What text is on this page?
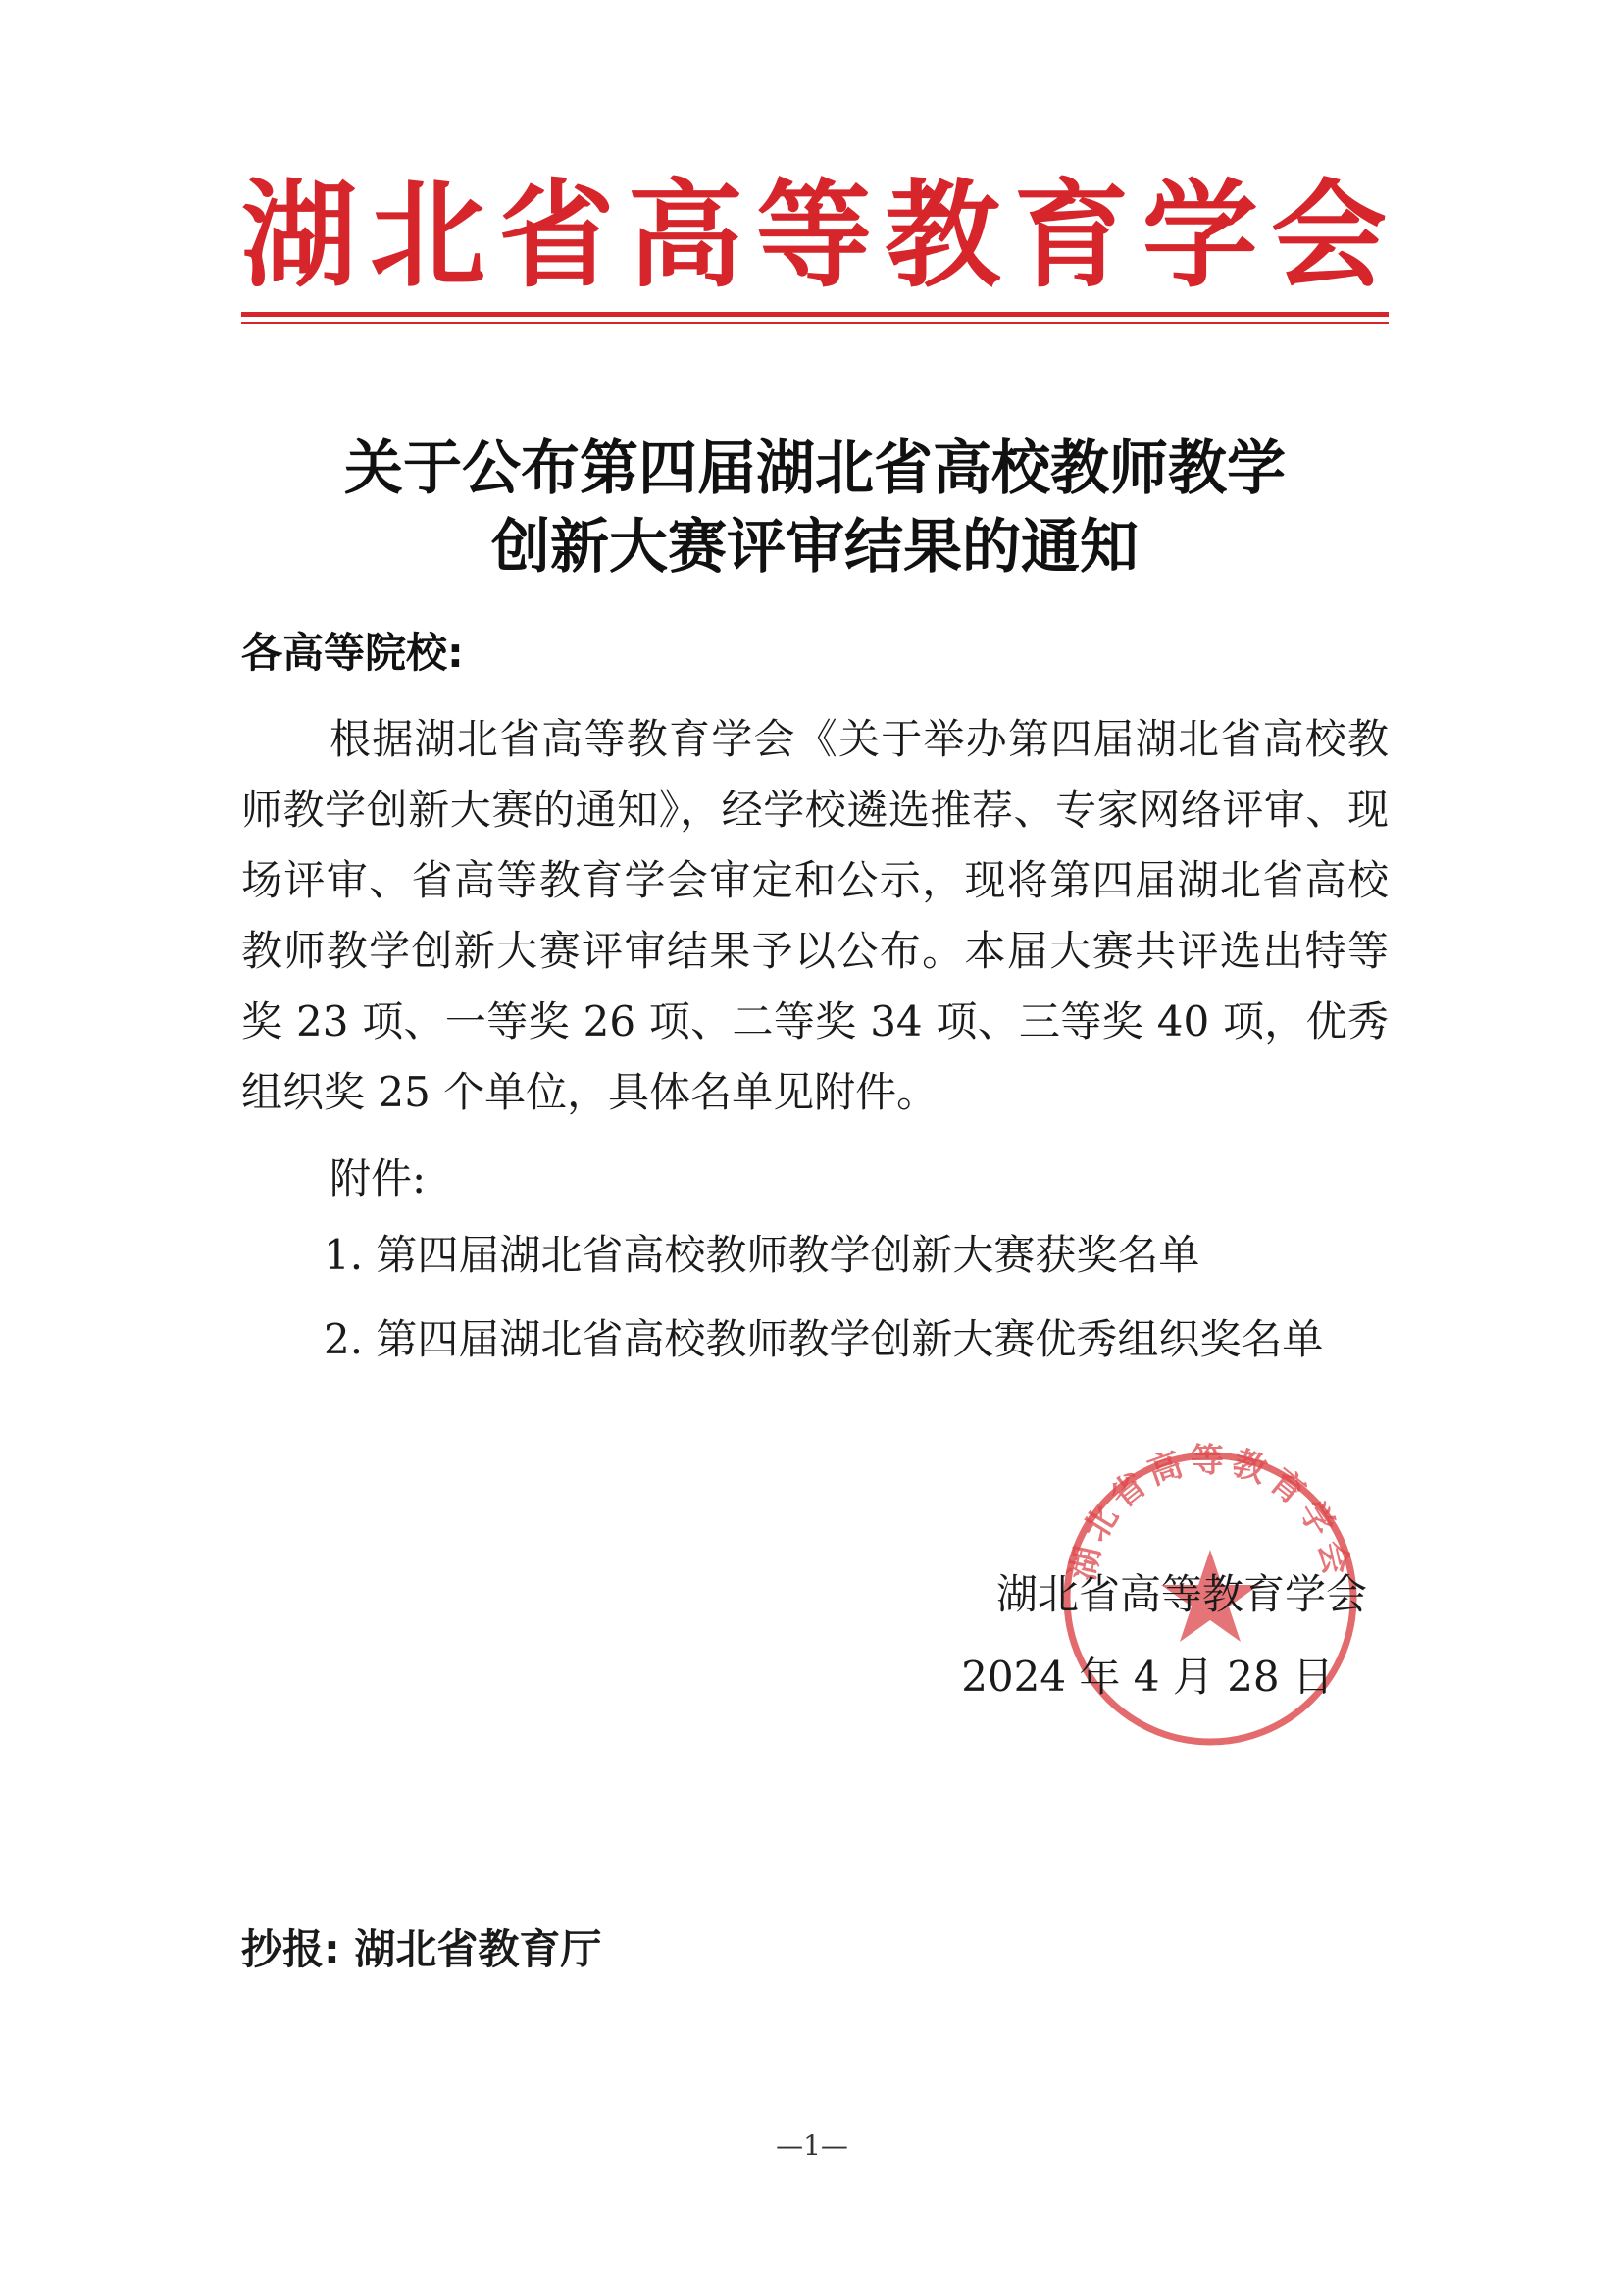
湖北省高等教育学会
关于公布第四届湖北省高校教师教学
创新大赛评审结果的通知
各高等院校:
根据湖北省高等教育学会《关于举办第四届湖北省高校教师教学创新大赛的通知》，经学校遴选推荐、专家网络评审、现场评审、省高等教育学会审定和公示，现将第四届湖北省高校教师教学创新大赛评审结果予以公布。本届大赛共评选出特等奖 23 项、一等奖 26 项、二等奖 34 项、三等奖 40 项，优秀组织奖 25 个单位，具体名单见附件。
附件:
1. 第四届湖北省高校教师教学创新大赛获奖名单
2. 第四届湖北省高校教师教学创新大赛优秀组织奖名单
湖北省高等教育学会
湖北省高等教育学会
2024 年 4 月 28 日
抄报: 湖北省教育厅
—1—
